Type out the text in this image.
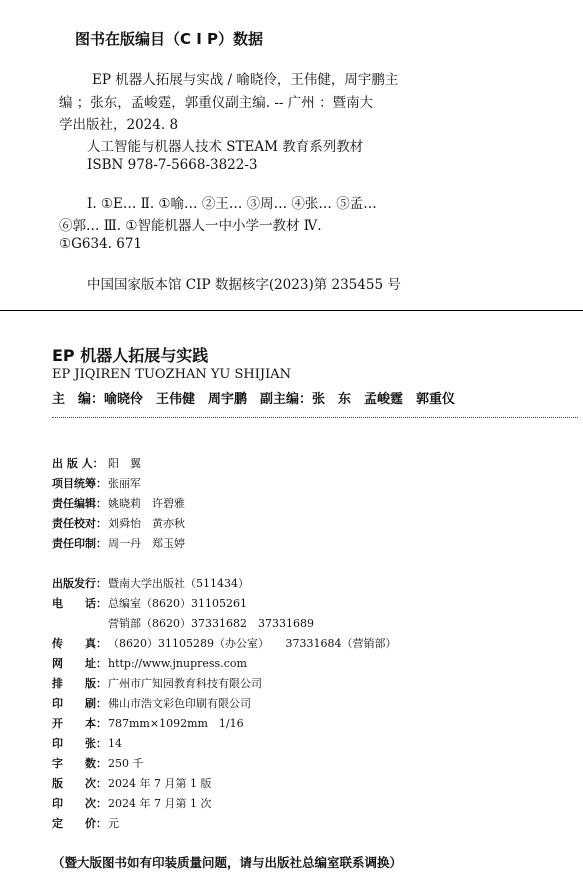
图书在版编目（C I P）数据
EP 机器人拓展与实战 / 喻晓伶，王伟健，周宇鹏主
编 ；张东，孟峻霆，郭重仪副主编. -- 广州 ：暨南大
学出版社，2024. 8
人工智能与机器人技术 STEAM 教育系列教材
ISBN 978-7-5668-3822-3
Ⅰ. ①E… Ⅱ. ①喻… ②王… ③周… ④张… ⑤孟…
⑥郭… Ⅲ. ①智能机器人一中小学一教材 Ⅳ.
①G634. 671
中国国家版本馆 CIP 数据核字(2023)第 235455 号
EP 机器人拓展与实践
EP JIQIREN TUOZHAN YU SHIJIAN
主　编：喻晓伶　王伟健　周宇鹏　副主编：张　东　孟峻霆　郭重仪
出 版 人： 阳　翼
项目统筹：张丽军
责任编辑：姚晓莉　许碧雅
责任校对：刘舜怡　黄亦秋
责任印制：周一丹　郑玉婷
出版发行：暨南大学出版社（511434）
电　　话：总编室（8620）31105261
营销部（8620）37331682　37331689
传　　真：（8620）31105289（办公室）　　37331684（营销部）
网　　址：http://www.jnupress.com
排　　版：广州市广知园教育科技有限公司
印　　刷：佛山市浩文彩色印刷有限公司
开　　本：787mm×1092mm　1/16
印　　张：14
字　　数：250 千
版　　次：2024 年 7 月第 1 版
印　　次：2024 年 7 月第 1 次
定　　价：元
（暨大版图书如有印装质量问题，请与出版社总编室联系调换）
